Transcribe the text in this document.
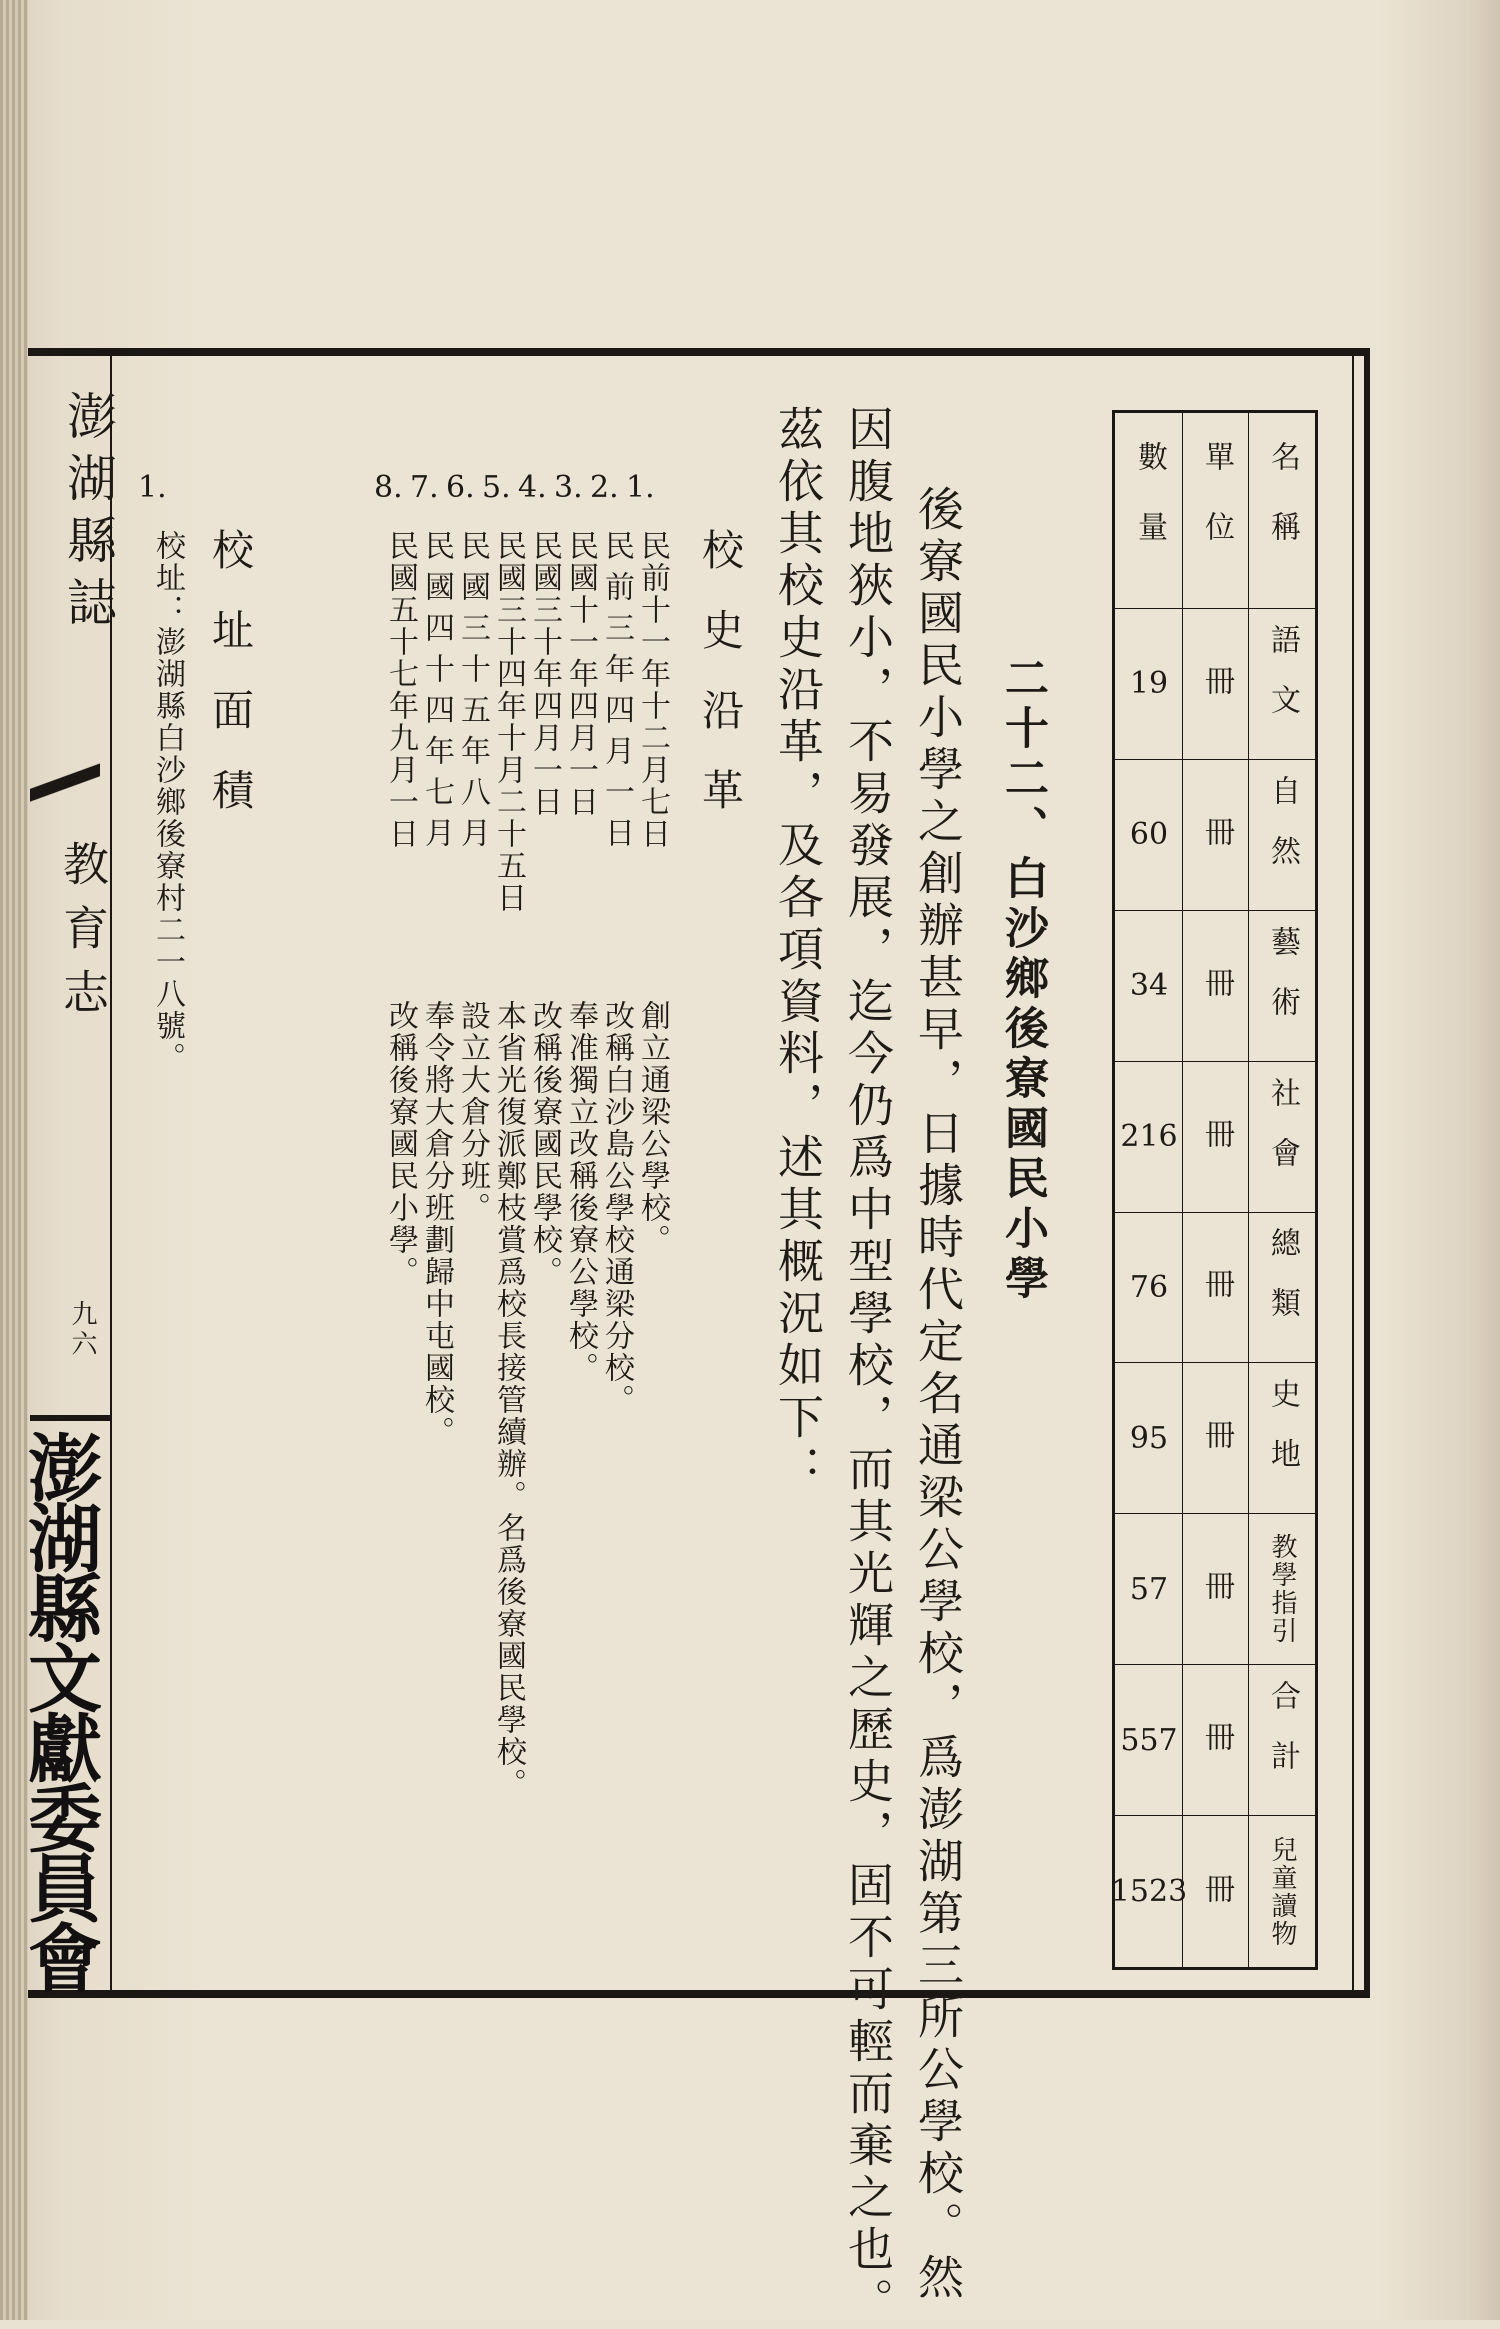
澎湖縣誌
教育志
九六
澎湖縣文獻委員會
名稱
語文
自然
藝術
社會
總類
史地
教學指引
合計
兒童讀物
單位
冊
冊
冊
冊
冊
冊
冊
冊
冊
數量
19
60
34
216
76
95
57
557
1523
二十二、白沙鄉後寮國民小學
後寮國民小學之創辦甚早，日據時代定名通梁公學校，爲澎湖第三所公學校。然
因腹地狹小，不易發展，迄今仍爲中型學校，而其光輝之歷史，固不可輕而棄之也。
茲依其校史沿革，及各項資料，述其概況如下：
校史沿革
1.
民前十一年十二月七日
創立通梁公學校。
2.
民前三年四月一日
改稱白沙島公學校通梁分校。
3.
民國十一年四月一日
奉准獨立改稱後寮公學校。
4.
民國三十年四月一日
改稱後寮國民學校。
5.
民國三十四年十月二十五日
本省光復派鄭枝賞爲校長接管續辦。名爲後寮國民學校。
6.
民國三十五年八月
設立大倉分班。
7.
民國四十四年七月
奉令將大倉分班劃歸中屯國校。
8.
民國五十七年九月一日
改稱後寮國民小學。
校址面積
1.
校址：澎湖縣白沙鄉後寮村二一八號。
